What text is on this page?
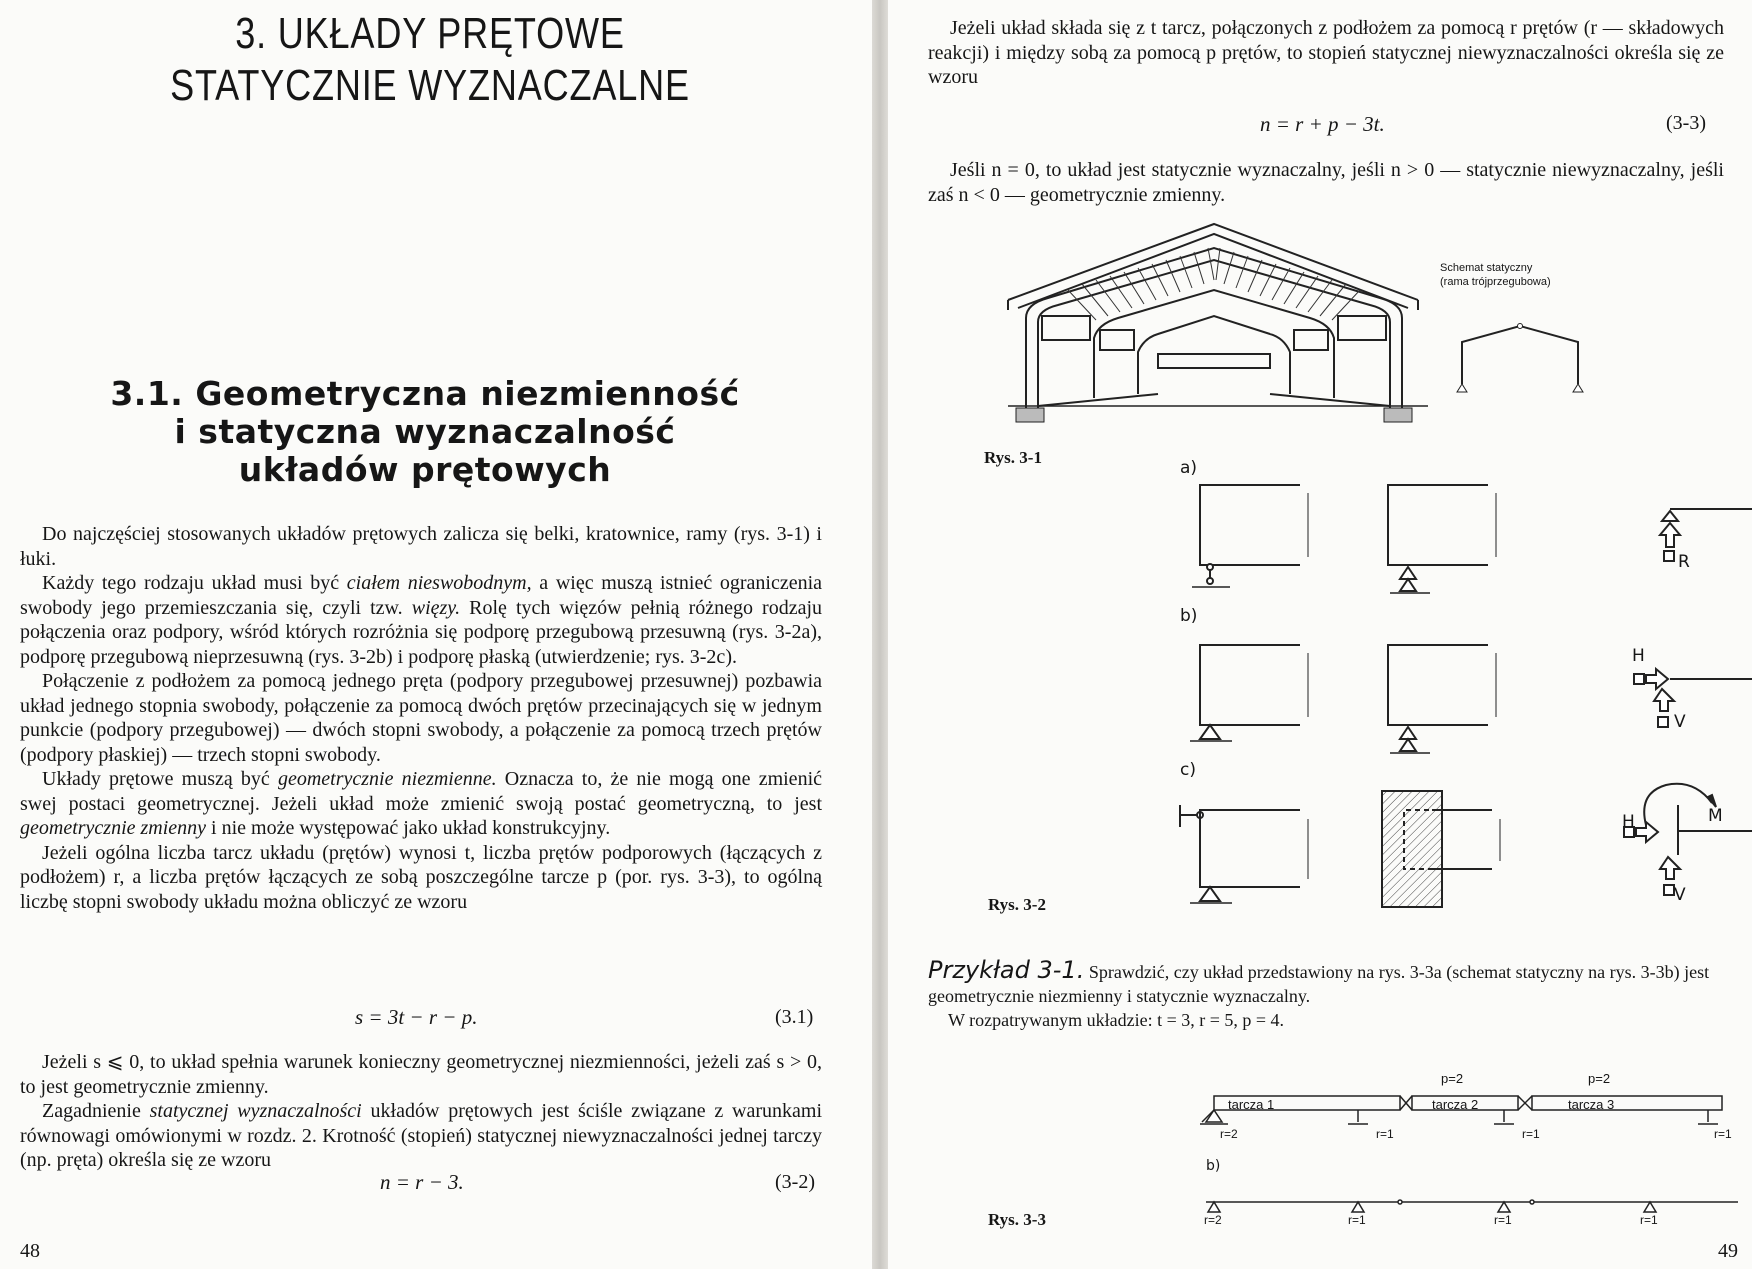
3. UKŁADY PRĘTOWE
STATYCZNIE WYZNACZALNE
3.1. Geometryczna niezmienność
i statyczna wyznaczalność
układów prętowych

Do najczęściej stosowanych układów prętowych zalicza się belki, kratownice, ramy (rys. 3-1) i łuki.

Każdy tego rodzaju układ musi być ciałem nieswobodnym, a więc muszą istnieć ograniczenia swobody jego przemieszczania się, czyli tzw. więzy. Rolę tych więzów pełnią różnego rodzaju połączenia oraz podpory, wśród których rozróżnia się podporę przegubową przesuwną (rys. 3-2a), podporę przegubową nieprzesuwną (rys. 3-2b) i podporę płaską (utwierdzenie; rys. 3-2c).

Połączenie z podłożem za pomocą jednego pręta (podpory przegubowej przesuwnej) pozbawia układ jednego stopnia swobody, połączenie za pomocą dwóch prętów przecinających się w jednym punkcie (podpory przegubowej) — dwóch stopni swobody, a połączenie za pomocą trzech prętów (podpory płaskiej) — trzech stopni swobody.

Układy prętowe muszą być geometrycznie niezmienne. Oznacza to, że nie mogą one zmienić swej postaci geometrycznej. Jeżeli układ może zmienić swoją postać geometryczną, to jest geometrycznie zmienny i nie może występować jako układ konstrukcyjny.

Jeżeli ogólna liczba tarcz układu (prętów) wynosi t, liczba prętów podporowych (łączących z podłożem) r, a liczba prętów łączących ze sobą poszczególne tarcze p (por. rys. 3-3), to ogólną liczbę stopni swobody układu można obliczyć ze wzoru

s = 3t − r − p.	(3.1)

Jeżeli s ⩽ 0, to układ spełnia warunek konieczny geometrycznej niezmienności, jeżeli zaś s > 0, to jest geometrycznie zmienny.

Zagadnienie statycznej wyznaczalności układów prętowych jest ściśle związane z warunkami równowagi omówionymi w rozdz. 2. Krotność (stopień) statycznej niewyznaczalności jednej tarczy (np. pręta) określa się ze wzoru

n = r − 3.	(3-2)
48

Jeżeli układ składa się z t tarcz, połączonych z podłożem za pomocą r prętów (r — składowych reakcji) i między sobą za pomocą p prętów, to stopień statycznej niewyznaczalności określa się ze wzoru

n = r + p − 3t.	(3-3)

Jeśli n = 0, to układ jest statycznie wyznaczalny, jeśli n > 0 — statycznie niewyznaczalny, jeśli zaś n < 0 — geometrycznie zmienny.

Schemat statyczny
(rama trójprzegubowa)
Rys. 3-1
a)
b)
c)
R
H
V
H	M
V
Rys. 3-2
Przykład 3-1. Sprawdzić, czy układ przedstawiony na rys. 3-3a (schemat statyczny na rys. 3-3b) jest geometrycznie niezmienny i statycznie wyznaczalny.
W rozpatrywanym układzie: t = 3, r = 5, p = 4.
p=2	p=2
tarcza 1	tarcza 2	tarcza 3
r=2	r=1	r=1	r=1
b)
r=2	r=1	r=1	r=1
Rys. 3-3
49
